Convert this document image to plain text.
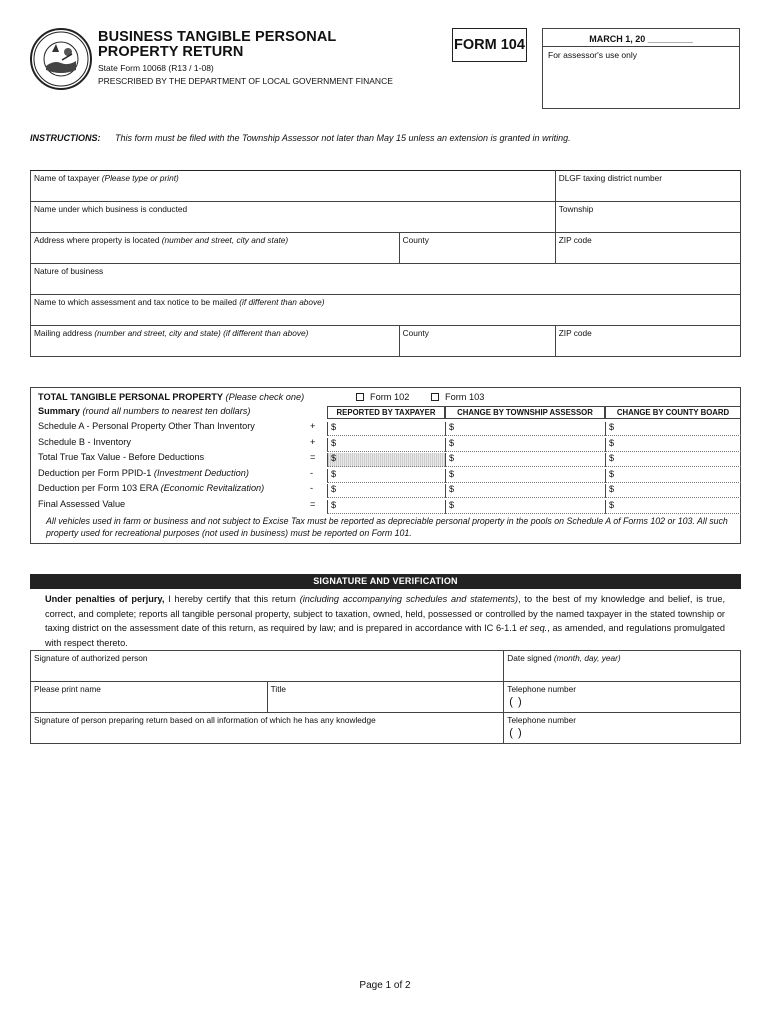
BUSINESS TANGIBLE PERSONAL
PROPERTY RETURN
State Form 10068 (R13 / 1-08)
PRESCRIBED BY THE DEPARTMENT OF LOCAL GOVERNMENT FINANCE
FORM 104	MARCH 1, 20 _________
For assessor's use only
INSTRUCTIONS: This form must be filed with the Township Assessor not later than May 15 unless an extension is granted in writing.
Name of taxpayer (Please type or print)		DLGF taxing district number
Name under which business is conducted		Township
Address where property is located (number and street, city and state)	County	ZIP code
Nature of business		
Name to which assessment and tax notice to be mailed (if different than above)		
Mailing address (number and street, city and state) (if different than above)	County	ZIP code
TOTAL TANGIBLE PERSONAL PROPERTY (Please check one)	Form 102	Form 103
Summary (round all numbers to nearest ten dollars)	REPORTED BY TAXPAYER	CHANGE BY TOWNSHIP ASSESSOR	CHANGE BY COUNTY BOARD
Schedule A - Personal Property Other Than Inventory	+	$	$	$
Schedule B - Inventory	+	$	$	$
Total True Tax Value - Before Deductions	=	$	$	$
Deduction per Form PPID-1 (Investment Deduction)	-	$	$	$
Deduction per Form 103 ERA (Economic Revitalization)	-	$	$	$
Final Assessed Value	=	$	$	$
All vehicles used in farm or business and not subject to Excise Tax must be reported as depreciable personal property in the pools on Schedule A of Forms 102 or 103. All such property used for recreational purposes (not used in business) must be reported on Form 101.
SIGNATURE AND VERIFICATION
Under penalties of perjury, I hereby certify that this return (including accompanying schedules and statements), to the best of my knowledge and belief, is true, correct, and complete; reports all tangible personal property, subject to taxation, owned, held, possessed or controlled by the named taxpayer in the stated township or taxing district on the assessment date of this return, as required by law; and is prepared in accordance with IC 6-1.1 et seq., as amended, and regulations promulgated with respect thereto.
Signature of authorized person		Date signed (month, day, year)
Please print name	Title	Telephone number
( )

Signature of person preparing return based on all information of which he has any knowledge		Telephone number
( )
Page 1 of 2
